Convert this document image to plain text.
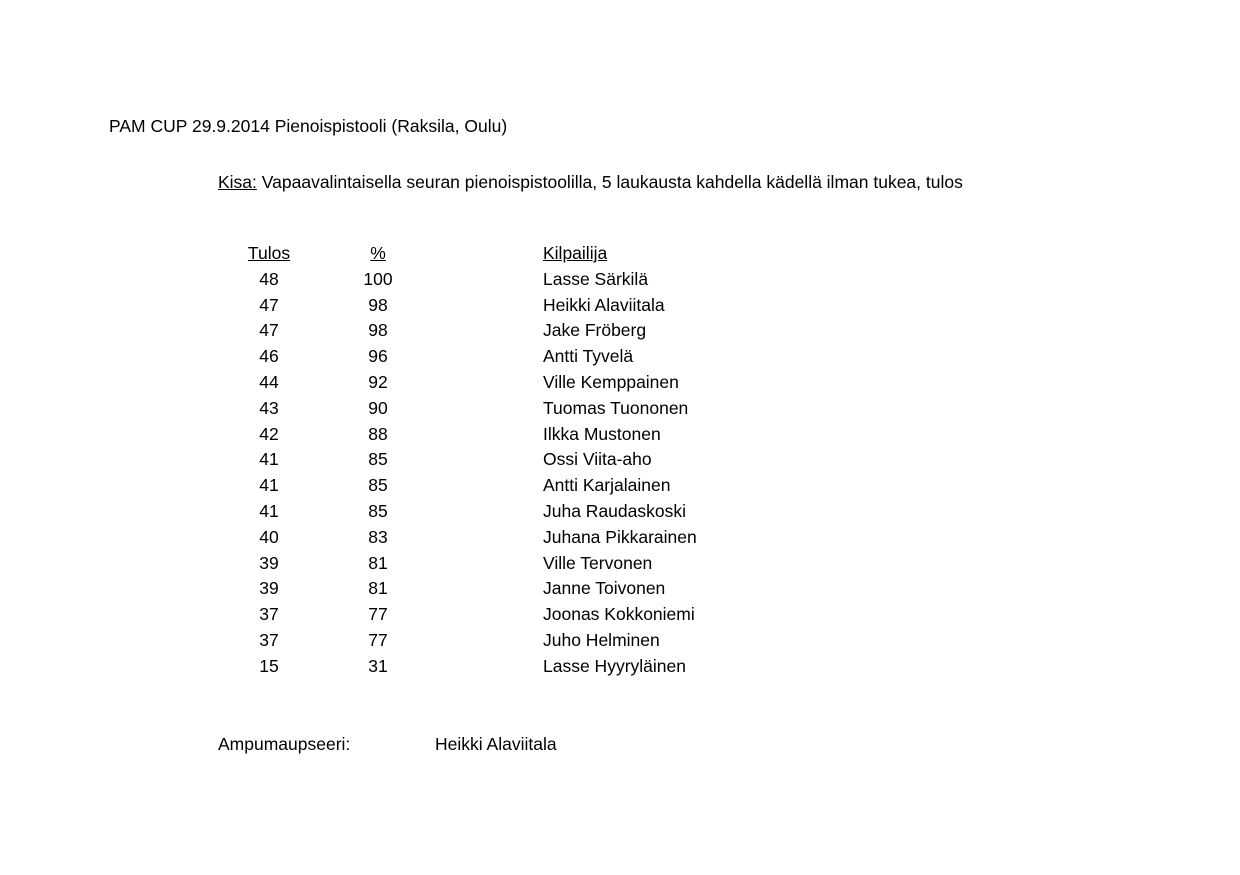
PAM CUP 29.9.2014 Pienoispistooli (Raksila, Oulu)
Kisa: Vapaavalintaisella seuran pienoispistoolilla, 5 laukausta kahdella kädellä ilman tukea, tulos
Tulos	%	Kilpailija
48	100	Lasse Särkilä
47	98	Heikki Alaviitala
47	98	Jake Fröberg
46	96	Antti Tyvelä
44	92	Ville Kemppainen
43	90	Tuomas Tuononen
42	88	Ilkka Mustonen
41	85	Ossi Viita-aho
41	85	Antti Karjalainen
41	85	Juha Raudaskoski
40	83	Juhana Pikkarainen
39	81	Ville Tervonen
39	81	Janne Toivonen
37	77	Joonas Kokkoniemi
37	77	Juho Helminen
15	31	Lasse Hyyryläinen
Ampumaupseeri:	Heikki Alaviitala
